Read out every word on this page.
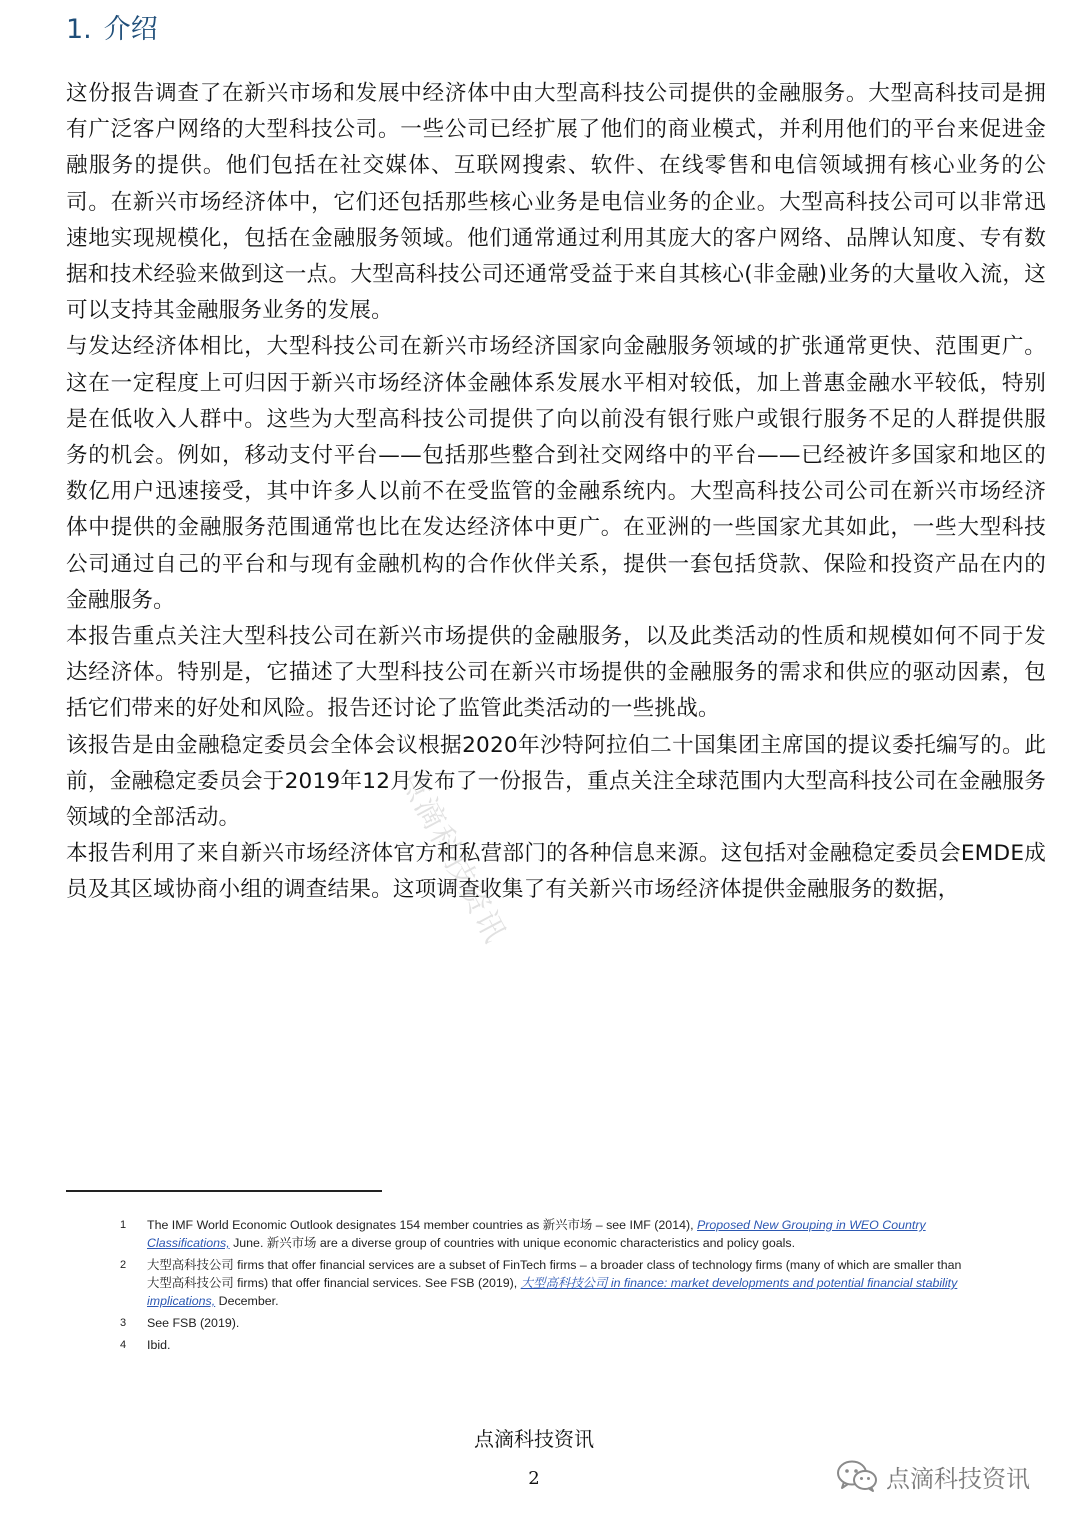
1. 介绍

这份报告调查了在新兴市场和发展中经济体中由大型高科技公司提供的金融服务。大型高科技司是拥有广泛客户网络的大型科技公司。一些公司已经扩展了他们的商业模式，并利用他们的平台来促进金融服务的提供。他们包括在社交媒体、互联网搜索、软件、在线零售和电信领域拥有核心业务的公司。在新兴市场经济体中，它们还包括那些核心业务是电信业务的企业。大型高科技公司可以非常迅速地实现规模化，包括在金融服务领域。他们通常通过利用其庞大的客户网络、品牌认知度、专有数据和技术经验来做到这一点。大型高科技公司还通常受益于来自其核心(非金融)业务的大量收入流，这可以支持其金融服务业务的发展。

与发达经济体相比，大型科技公司在新兴市场经济国家向金融服务领域的扩张通常更快、范围更广。这在一定程度上可归因于新兴市场经济体金融体系发展水平相对较低，加上普惠金融水平较低，特别是在低收入人群中。这些为大型高科技公司提供了向以前没有银行账户或银行服务不足的人群提供服务的机会。例如，移动支付平台——包括那些整合到社交网络中的平台——已经被许多国家和地区的数亿用户迅速接受，其中许多人以前不在受监管的金融系统内。大型高科技公司公司在新兴市场经济体中提供的金融服务范围通常也比在发达经济体中更广。在亚洲的一些国家尤其如此，一些大型科技公司通过自己的平台和与现有金融机构的合作伙伴关系，提供一套包括贷款、保险和投资产品在内的金融服务。

本报告重点关注大型科技公司在新兴市场提供的金融服务，以及此类活动的性质和规模如何不同于发达经济体。特别是，它描述了大型科技公司在新兴市场提供的金融服务的需求和供应的驱动因素，包括它们带来的好处和风险。报告还讨论了监管此类活动的一些挑战。

该报告是由金融稳定委员会全体会议根据2020年沙特阿拉伯二十国集团主席国的提议委托编写的。此前，金融稳定委员会于2019年12月发布了一份报告，重点关注全球范围内大型高科技公司在金融服务领域的全部活动。

本报告利用了来自新兴市场经济体官方和私营部门的各种信息来源。这包括对金融稳定委员会EMDE成员及其区域协商小组的调查结果。这项调查收集了有关新兴市场经济体提供金融服务的数据，

1	The IMF World Economic Outlook designates 154 member countries as 新兴市场 – see IMF (2014), Proposed New Grouping in WEO Country Classifications, June. 新兴市场 are a diverse group of countries with unique economic characteristics and policy goals.
2	大型高科技公司 firms that offer financial services are a subset of FinTech firms – a broader class of technology firms (many of which are smaller than 大型高科技公司 firms) that offer financial services. See FSB (2019), 大型高科技公司 in finance: market developments and potential financial stability implications, December.
3	See FSB (2019).
4	Ibid.
点滴科技资讯
点滴科技资讯
2	点滴科技资讯
